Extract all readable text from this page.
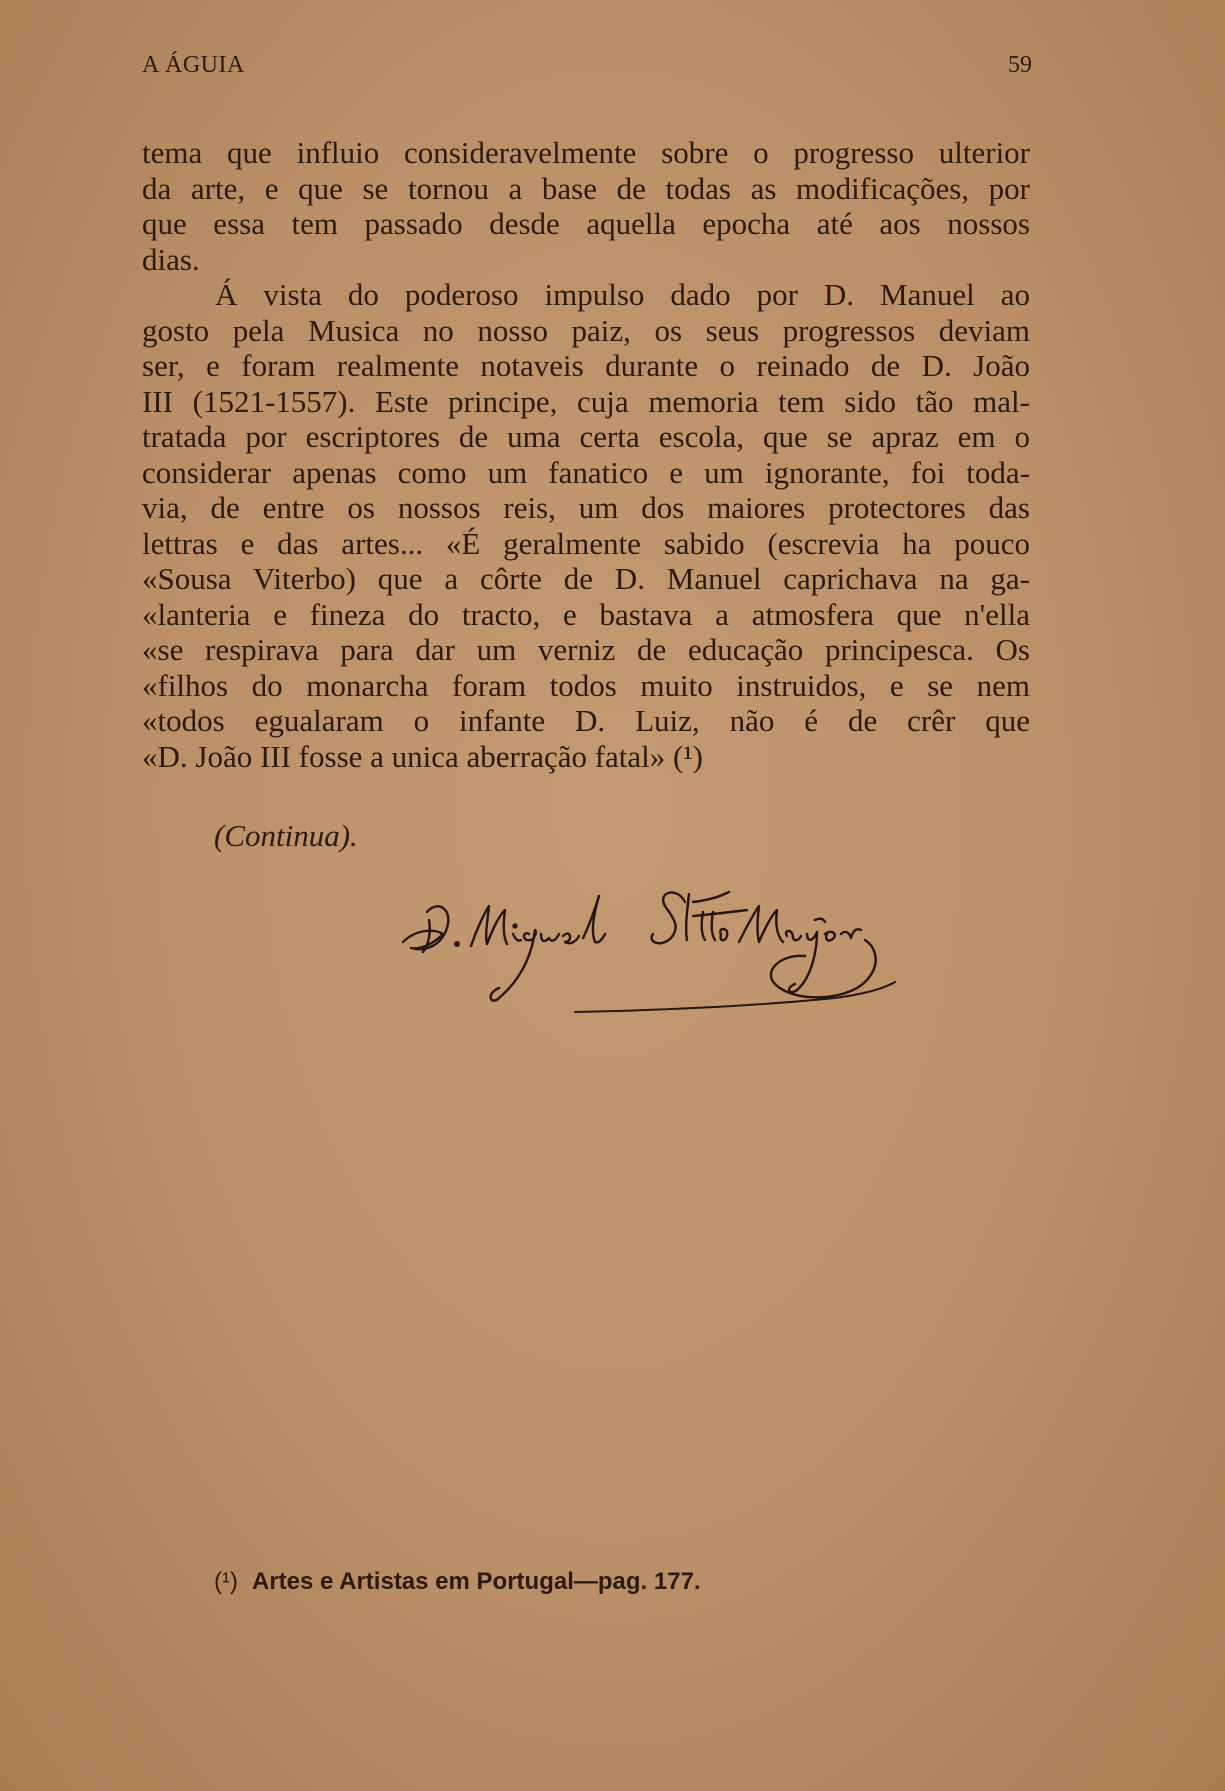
A ÁGUIA	59
tema que influio consideravelmente sobre o progresso ulterior
da arte, e que se tornou a base de todas as modificações, por
que essa tem passado desde aquella epocha até aos nossos
dias.
Á vista do poderoso impulso dado por D. Manuel ao
gosto pela Musica no nosso paiz, os seus progressos deviam
ser, e foram realmente notaveis durante o reinado de D. João
III (1521-1557). Este principe, cuja memoria tem sido tão mal-
tratada por escriptores de uma certa escola, que se apraz em o
considerar apenas como um fanatico e um ignorante, foi toda-
via, de entre os nossos reis, um dos maiores protectores das
lettras e das artes... «É geralmente sabido (escrevia ha pouco
«Sousa Viterbo) que a côrte de D. Manuel caprichava na ga-
«lanteria e fineza do tracto, e bastava a atmosfera que n'ella
«se respirava para dar um verniz de educação principesca. Os
«filhos do monarcha foram todos muito instruidos, e se nem
«todos egualaram o infante D. Luiz, não é de crêr que
«D. João III fosse a unica aberração fatal» (¹)
(Continua).
(¹) Artes e Artistas em Portugal—pag. 177.
